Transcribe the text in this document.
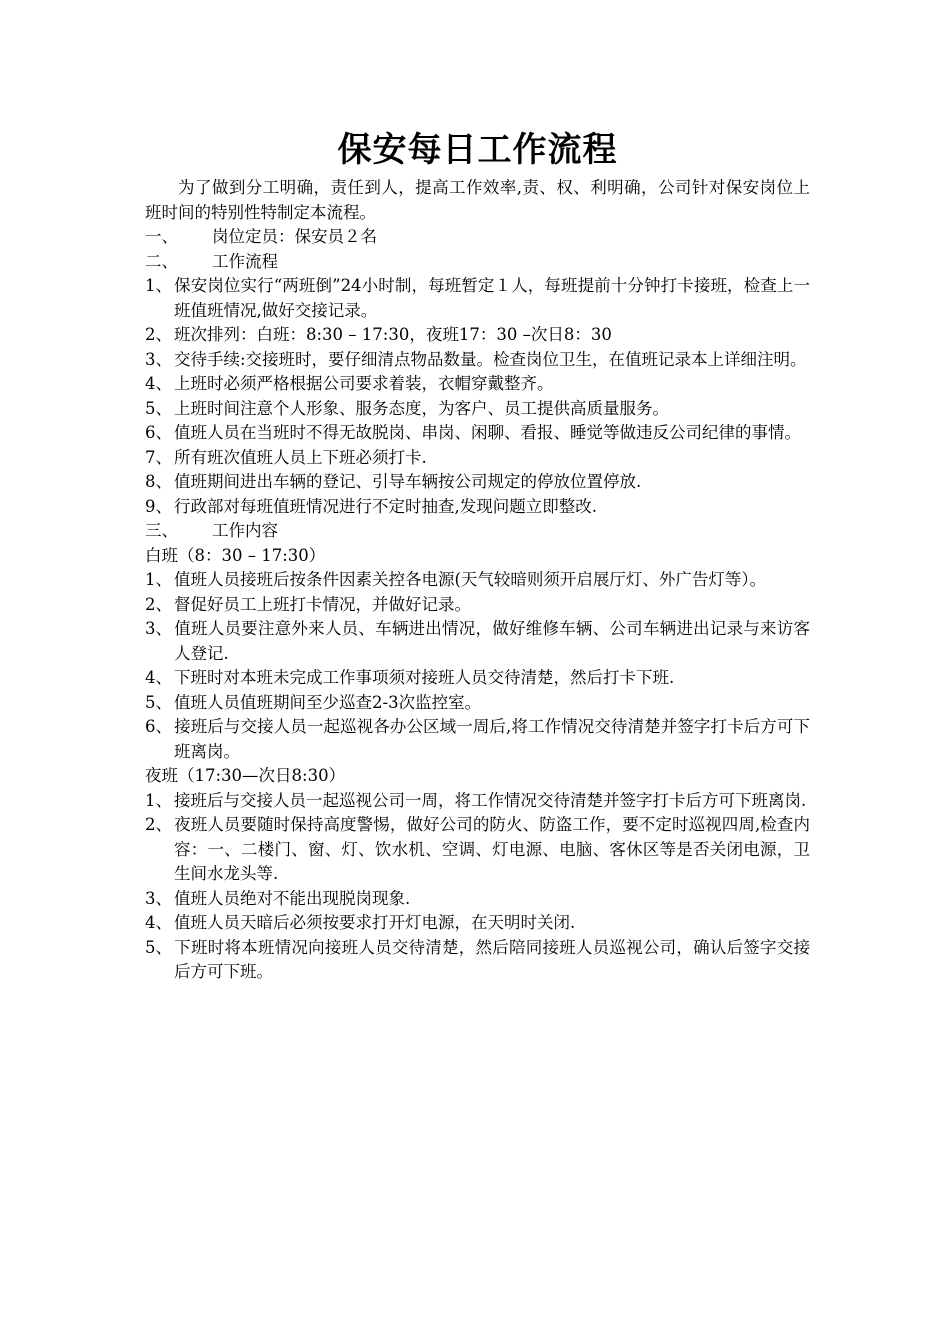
保安每日工作流程

为了做到分工明确，责任到人，提高工作效率,责、权、利明确，公司针对保安岗位上班时间的特别性特制定本流程。

一、	岗位定员：保安员２名
二、	工作流程
1、 保安岗位实行“两班倒”24小时制，每班暂定１人，每班提前十分钟打卡接班，检查上一班值班情况,做好交接记录。
2、 班次排列：白班：8:30 – 17:30，夜班17：30 –次日8：30
3、 交待手续:交接班时，要仔细清点物品数量。检查岗位卫生，在值班记录本上详细注明。
4、 上班时必须严格根据公司要求着装，衣帽穿戴整齐。
5、 上班时间注意个人形象、服务态度，为客户、员工提供高质量服务。
6、 值班人员在当班时不得无故脱岗、串岗、闲聊、看报、睡觉等做违反公司纪律的事情。
7、 所有班次值班人员上下班必须打卡.
8、 值班期间进出车辆的登记、引导车辆按公司规定的停放位置停放.
9、 行政部对每班值班情况进行不定时抽查,发现问题立即整改.
三、	工作内容

白班（8：30 – 17:30）

1、 值班人员接班后按条件因素关控各电源(天气较暗则须开启展厅灯、外广告灯等）。
2、 督促好员工上班打卡情况，并做好记录。
3、 值班人员要注意外来人员、车辆进出情况，做好维修车辆、公司车辆进出记录与来访客人登记.
4、 下班时对本班未完成工作事项须对接班人员交待清楚，然后打卡下班.
5、 值班人员值班期间至少巡查2-3次监控室。
6、 接班后与交接人员一起巡视各办公区域一周后,将工作情况交待清楚并签字打卡后方可下班离岗。

夜班（17:30—次日8:30）

1、 接班后与交接人员一起巡视公司一周，将工作情况交待清楚并签字打卡后方可下班离岗.
2、 夜班人员要随时保持高度警惕，做好公司的防火、防盗工作，要不定时巡视四周,检查内容：一、二楼门、窗、灯、饮水机、空调、灯电源、电脑、客休区等是否关闭电源，卫生间水龙头等.
3、 值班人员绝对不能出现脱岗现象.
4、 值班人员天暗后必须按要求打开灯电源，在天明时关闭.
5、 下班时将本班情况向接班人员交待清楚，然后陪同接班人员巡视公司，确认后签字交接后方可下班。
